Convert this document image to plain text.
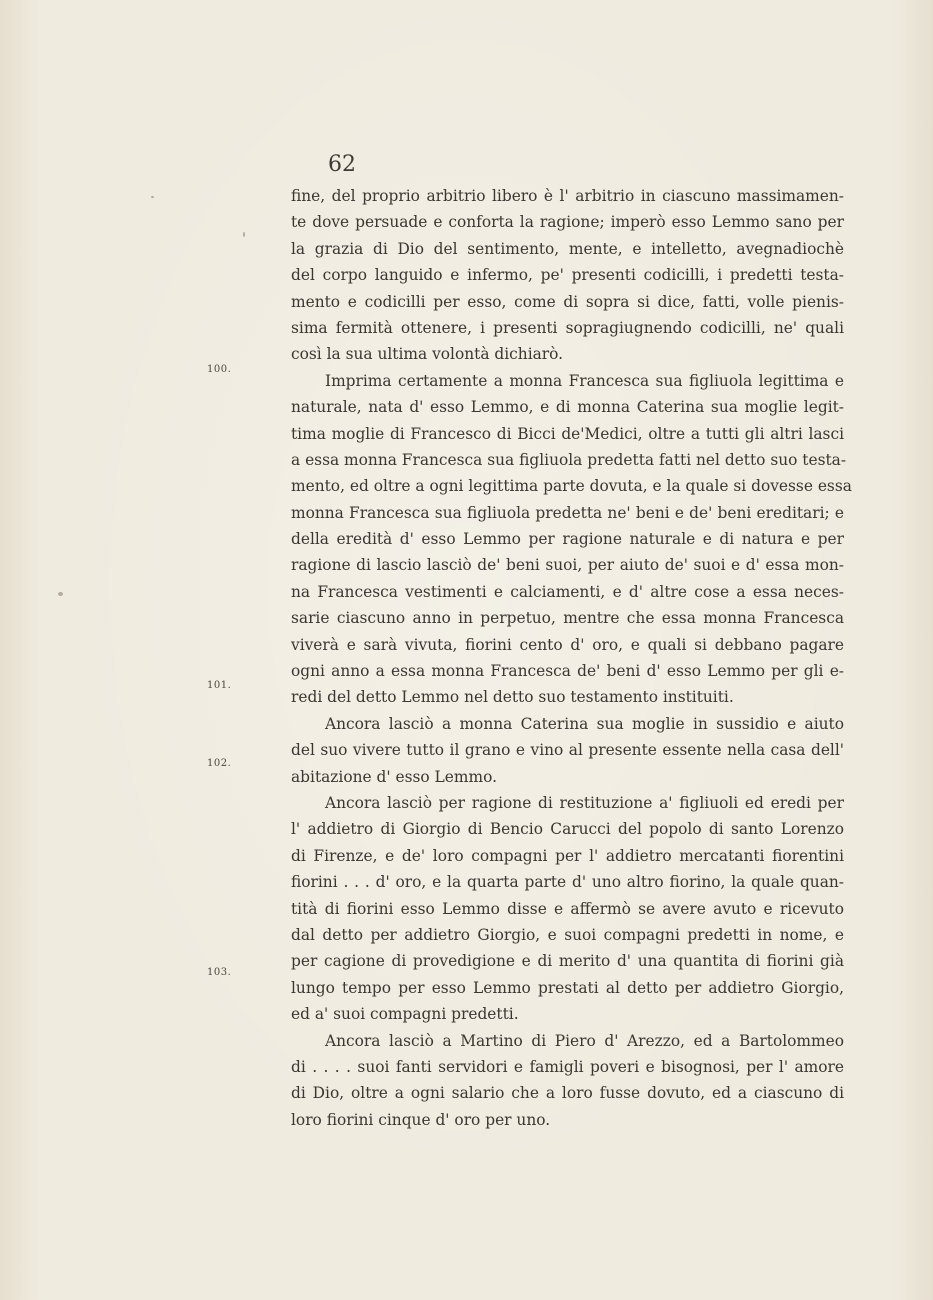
62
100.
101.
102.
103.
fine, del proprio arbitrio libero è l' arbitrio in ciascuno massimamen-
te dove persuade e conforta la ragione; imperò esso Lemmo sano per
la grazia di Dio del sentimento, mente, e intelletto, avegnadiochè
del corpo languido e infermo, pe' presenti codicilli, i predetti testa-
mento e codicilli per esso, come di sopra si dice, fatti, volle pienis-
sima fermità ottenere, i presenti sopragiugnendo codicilli, ne' quali
così la sua ultima volontà dichiarò.
Imprima certamente a monna Francesca sua figliuola legittima e
naturale, nata d' esso Lemmo, e di monna Caterina sua moglie legit-
tima moglie di Francesco di Bicci de'Medici, oltre a tutti gli altri lasci
a essa monna Francesca sua figliuola predetta fatti nel detto suo testa-
mento, ed oltre a ogni legittima parte dovuta, e la quale si dovesse essa
monna Francesca sua figliuola predetta ne' beni e de' beni ereditari; e
della eredità d' esso Lemmo per ragione naturale e di natura e per
ragione di lascio lasciò de' beni suoi, per aiuto de' suoi e d' essa mon-
na Francesca vestimenti e calciamenti, e d' altre cose a essa neces-
sarie ciascuno anno in perpetuo, mentre che essa monna Francesca
viverà e sarà vivuta, fiorini cento d' oro, e quali si debbano pagare
ogni anno a essa monna Francesca de' beni d' esso Lemmo per gli e-
redi del detto Lemmo nel detto suo testamento instituiti.
Ancora lasciò a monna Caterina sua moglie in sussidio e aiuto
del suo vivere tutto il grano e vino al presente essente nella casa dell'
abitazione d' esso Lemmo.
Ancora lasciò per ragione di restituzione a' figliuoli ed eredi per
l' addietro di Giorgio di Bencio Carucci del popolo di santo Lorenzo
di Firenze, e de' loro compagni per l' addietro mercatanti fiorentini
fiorini . . . d' oro, e la quarta parte d' uno altro fiorino, la quale quan-
tità di fiorini esso Lemmo disse e affermò se avere avuto e ricevuto
dal detto per addietro Giorgio, e suoi compagni predetti in nome, e
per cagione di provedigione e di merito d' una quantita di fiorini già
lungo tempo per esso Lemmo prestati al detto per addietro Giorgio,
ed a' suoi compagni predetti.
Ancora lasciò a Martino di Piero d' Arezzo, ed a Bartolommeo
di . . . . suoi fanti servidori e famigli poveri e bisognosi, per l' amore
di Dio, oltre a ogni salario che a loro fusse dovuto, ed a ciascuno di
loro fiorini cinque d' oro per uno.
